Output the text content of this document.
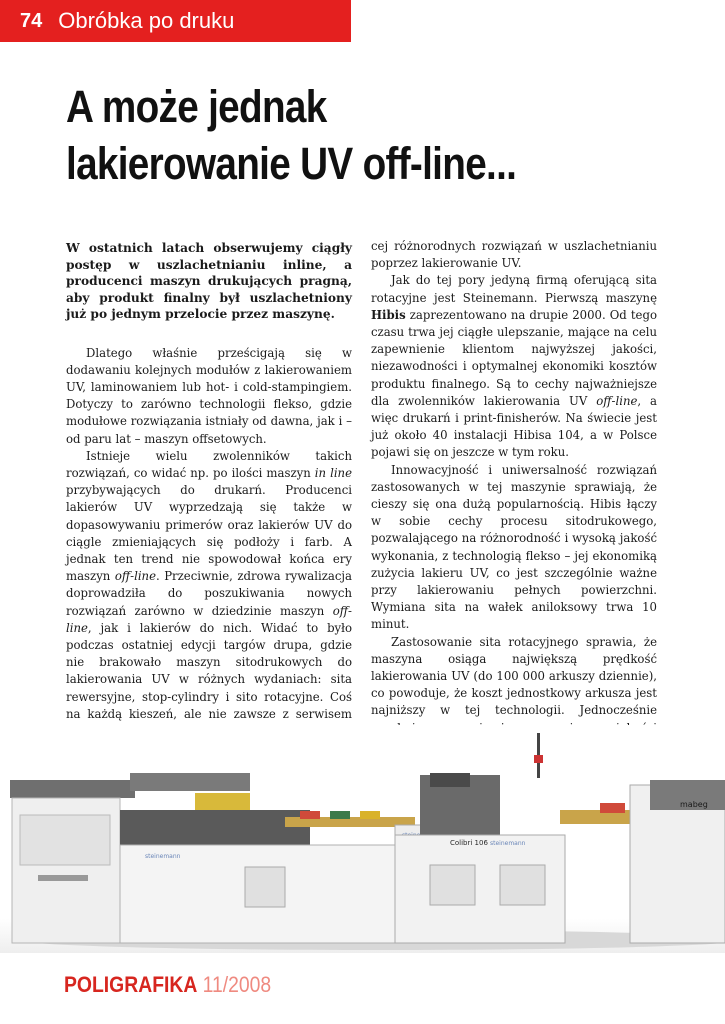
74 Obróbka po druku
A może jednak
lakierowanie UV off-line...

W ostatnich latach obserwujemy ciągły postęp w uszlachetnianiu inline, a producenci maszyn drukujących pragną, aby produkt finalny był uszlachetniony już po jednym przelocie przez maszynę.

Dlatego właśnie prześcigają się w dodawaniu kolejnych modułów z lakierowaniem UV, laminowaniem lub hot- i cold-stampingiem. Dotyczy to zarówno technologii flekso, gdzie modułowe rozwiązania istniały od dawna, jak i – od paru lat – maszyn offsetowych.

Istnieje wielu zwolenników takich rozwiązań, co widać np. po ilości maszyn in line przybywających do drukarń. Producenci lakierów UV wyprzedzają się także w dopasowywaniu primerów oraz lakierów UV do ciągle zmieniających się podłoży i farb. A jednak ten trend nie spowodował końca ery maszyn off-line. Przeciwnie, zdrowa rywalizacja doprowadziła do poszukiwania nowych rozwiązań zarówno w dziedzinie maszyn off-line, jak i lakierów do nich. Widać to było podczas ostatniej edycji targów drupa, gdzie nie brakowało maszyn sitodrukowych do lakierowania UV w różnych wydaniach: sita rewersyjne, stop-cylindry i sito rotacyjne. Coś na każdą kieszeń, ale nie zawsze z serwisem

cej różnorodnych rozwiązań w uszlachetnianiu poprzez lakierowanie UV.

Jak do tej pory jedyną firmą oferującą sita rotacyjne jest Steinemann. Pierwszą maszynę Hibis zaprezentowano na drupie 2000. Od tego czasu trwa jej ciągłe ulepszanie, mające na celu zapewnienie klientom najwyższej jakości, niezawodności i optymalnej ekonomiki kosztów produktu finalnego. Są to cechy najważniejsze dla zwolenników lakierowania UV off-line, a więc drukarń i print-finisherów. Na świecie jest już około 40 instalacji Hibisa 104, a w Polsce pojawi się on jeszcze w tym roku.

Innowacyjność i uniwersalność rozwiązań zastosowanych w tej maszynie sprawiają, że cieszy się ona dużą popularnością. Hibis łączy w sobie cechy procesu sitodrukowego, pozwalającego na różnorodność i wysoką jakość wykonania, z technologią flekso – jej ekonomiką zużycia lakieru UV, co jest szczególnie ważne przy lakierowaniu pełnych powierzchni. Wymiana sita na wałek aniloksowy trwa 10 minut.

Zastosowanie sita rotacyjnego sprawia, że maszyna osiąga największą prędkość lakierowania UV (do 100 000 arkuszy dziennie), co powoduje, że koszt jednostkowy arkusza jest najniższy w tej technologii. Jednocześnie

steinemann
Colibri 106 steinemann
mabeg
POLIGRAFIKA 11/2008
